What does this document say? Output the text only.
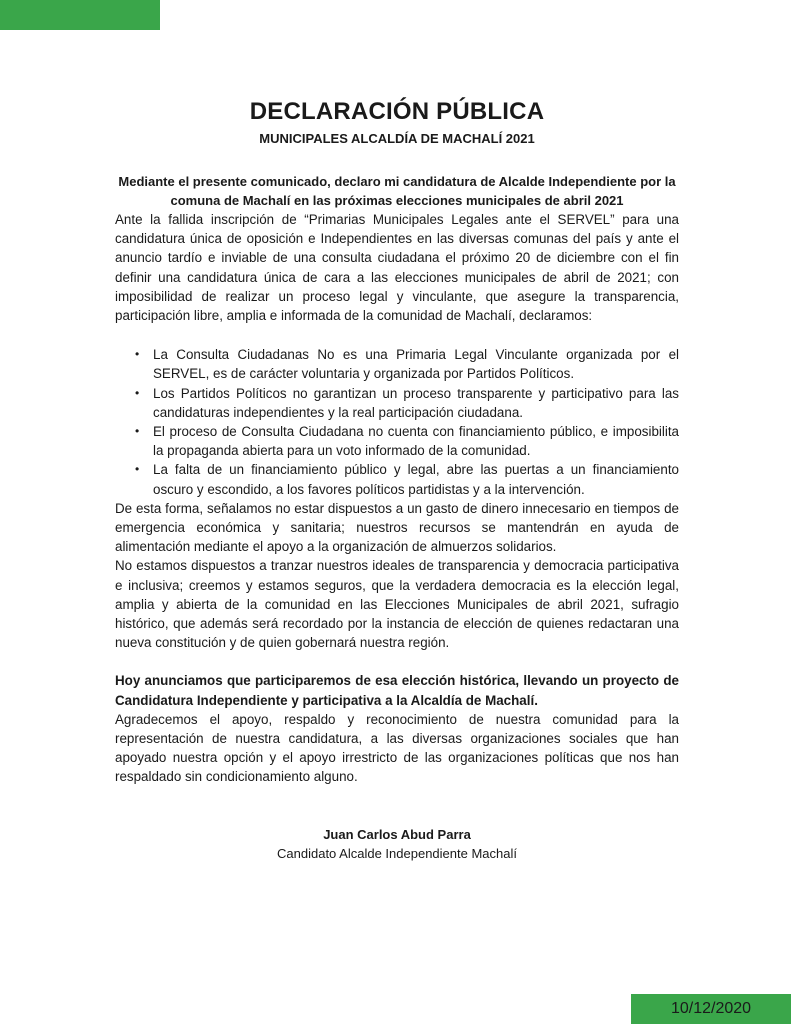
DECLARACIÓN PÚBLICA
MUNICIPALES ALCALDÍA DE MACHALÍ 2021
Mediante el presente comunicado, declaro mi candidatura de Alcalde Independiente por la comuna de Machalí en las próximas elecciones municipales de abril 2021

Ante la fallida inscripción de “Primarias Municipales Legales ante el SERVEL” para una candidatura única de oposición e Independientes en las diversas comunas del país y ante el anuncio tardío e inviable de una consulta ciudadana el próximo 20 de diciembre con el fin definir una candidatura única de cara a las elecciones municipales de abril de 2021; con imposibilidad de realizar un proceso legal y vinculante, que asegure la transparencia, participación libre, amplia e informada de la comunidad de Machalí, declaramos:

• La Consulta Ciudadanas No es una Primaria Legal Vinculante organizada por el SERVEL, es de carácter voluntaria y organizada por Partidos Políticos.
• Los Partidos Políticos no garantizan un proceso transparente y participativo para las candidaturas independientes y la real participación ciudadana.
• El proceso de Consulta Ciudadana no cuenta con financiamiento público, e imposibilita la propaganda abierta para un voto informado de la comunidad.
• La falta de un financiamiento público y legal, abre las puertas a un financiamiento oscuro y escondido, a los favores políticos partidistas y a la intervención.

De esta forma, señalamos no estar dispuestos a un gasto de dinero innecesario en tiempos de emergencia económica y sanitaria; nuestros recursos se mantendrán en ayuda de alimentación mediante el apoyo a la organización de almuerzos solidarios.

No estamos dispuestos a tranzar nuestros ideales de transparencia y democracia participativa e inclusiva; creemos y estamos seguros, que la verdadera democracia es la elección legal, amplia y abierta de la comunidad en las Elecciones Municipales de abril 2021, sufragio histórico, que además será recordado por la instancia de elección de quienes redactaran una nueva constitución y de quien gobernará nuestra región.

Hoy anunciamos que participaremos de esa elección histórica, llevando un proyecto de Candidatura Independiente y participativa a la Alcaldía de Machalí.

Agradecemos el apoyo, respaldo y reconocimiento de nuestra comunidad para la representación de nuestra candidatura, a las diversas organizaciones sociales que han apoyado nuestra opción y el apoyo irrestricto de las organizaciones políticas que nos han respaldado sin condicionamiento alguno.

Juan Carlos Abud Parra
Candidato Alcalde Independiente Machalí
10/12/2020
